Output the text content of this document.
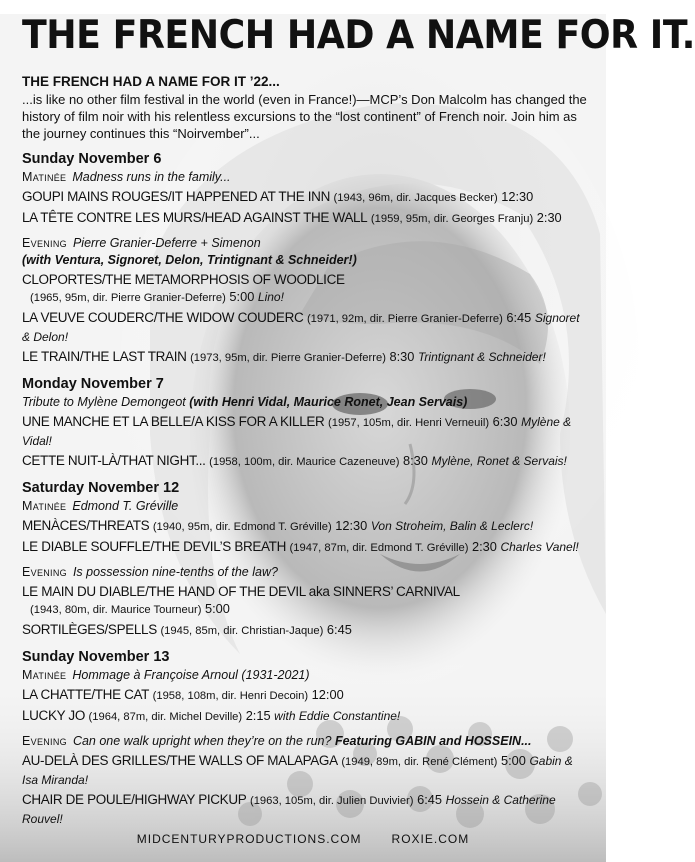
THE FRENCH HAD A NAME FOR IT.
THE FRENCH HAD A NAME FOR IT ’22...
...is like no other film festival in the world (even in France!)—MCP’s Don Malcolm has changed the history of film noir with his relentless excursions to the “lost continent” of French noir. Join him as the journey continues this “Noirvember”...
Sunday November 6
Matinée Madness runs in the family...
GOUPI MAINS ROUGES/IT HAPPENED AT THE INN (1943, 96m, dir. Jacques Becker) 12:30
LA TÊTE CONTRE LES MURS/HEAD AGAINST THE WALL (1959, 95m, dir. Georges Franju) 2:30
Evening Pierre Granier-Deferre + Simenon
(with Ventura, Signoret, Delon, Trintignant & Schneider!)
CLOPORTES/THE METAMORPHOSIS OF WOODLICE
(1965, 95m, dir. Pierre Granier-Deferre) 5:00 Lino!
LA VEUVE COUDERC/THE WIDOW COUDERC (1971, 92m, dir. Pierre Granier-Deferre) 6:45 Signoret & Delon!
LE TRAIN/THE LAST TRAIN (1973, 95m, dir. Pierre Granier-Deferre) 8:30 Trintignant & Schneider!
Monday November 7
Tribute to Mylène Demongeot (with Henri Vidal, Maurice Ronet, Jean Servais)
UNE MANCHE ET LA BELLE/A KISS FOR A KILLER (1957, 105m, dir. Henri Verneuil) 6:30 Mylène & Vidal!
CETTE NUIT-LÀ/THAT NIGHT... (1958, 100m, dir. Maurice Cazeneuve) 8:30 Mylène, Ronet & Servais!
Saturday November 12
Matinée Edmond T. Gréville
MENÀCES/THREATS (1940, 95m, dir. Edmond T. Gréville) 12:30 Von Stroheim, Balin & Leclerc!
LE DIABLE SOUFFLE/THE DEVIL’S BREATH (1947, 87m, dir. Edmond T. Gréville) 2:30 Charles Vanel!
Evening Is possession nine-tenths of the law?
LE MAIN DU DIABLE/THE HAND OF THE DEVIL aka SINNERS’ CARNIVAL
(1943, 80m, dir. Maurice Tourneur) 5:00
SORTILÈGES/SPELLS (1945, 85m, dir. Christian-Jaque) 6:45
Sunday November 13
Matinée Hommage à Françoise Arnoul (1931-2021)
LA CHATTE/THE CAT (1958, 108m, dir. Henri Decoin) 12:00
LUCKY JO (1964, 87m, dir. Michel Deville) 2:15 with Eddie Constantine!
Evening Can one walk upright when they’re on the run? Featuring GABIN and HOSSEIN...
AU-DELÀ DES GRILLES/THE WALLS OF MALAPAGA (1949, 89m, dir. René Clément) 5:00 Gabin & Isa Miranda!
CHAIR DE POULE/HIGHWAY PICKUP (1963, 105m, dir. Julien Duvivier) 6:45 Hossein & Catherine Rouvel!
MIDCENTURYPRODUCTIONS.COM	ROXIE.COM
